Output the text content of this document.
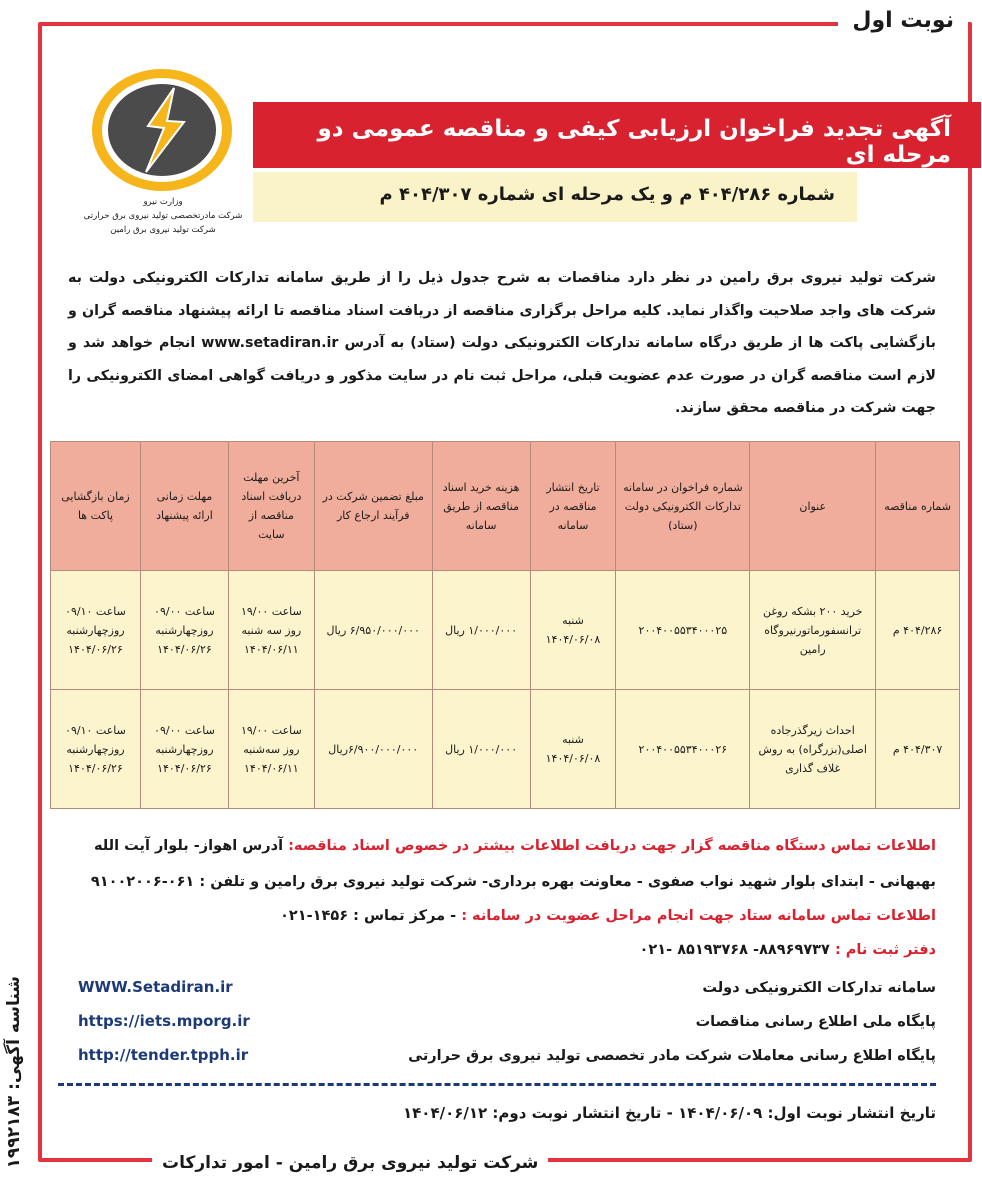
نوبت اول
وزارت نیرو
شرکت مادرتخصصی تولید نیروی برق حرارتی
شرکت تولید نیروی برق رامین
آگهی تجدید فراخوان ارزیابی کیفی و مناقصه عمومی دو مرحله ای
شماره ۴۰۴/۲۸۶ م و یک مرحله ای شماره ۴۰۴/۳۰۷ م
شرکت تولید نیروی برق رامین در نظر دارد مناقصات به شرح جدول ذیل را از طریق سامانه تدارکات الکترونیکی دولت به شرکت های واجد صلاحیت واگذار نماید. کلیه مراحل برگزاری مناقصه از دریافت اسناد مناقصه تا ارائه پیشنهاد مناقصه گران و بازگشایی پاکت ها از طریق درگاه سامانه تدارکات الکترونیکی دولت (ستاد) به آدرس www.setadiran.ir انجام خواهد شد و لازم است مناقصه گران در صورت عدم عضویت قبلی، مراحل ثبت نام در سایت مذکور و دریافت گواهی امضای الکترونیکی را جهت شرکت در مناقصه محقق سازند.
شماره مناقصه	عنوان	شماره فراخوان در سامانه تدارکات الکترونیکی دولت (ستاد)	تاریخ انتشار مناقصه در سامانه	هزینه خرید اسناد مناقصه از طریق سامانه	مبلغ تضمین شرکت در فرآیند ارجاع کار	آخرین مهلت دریافت اسناد مناقصه از سایت	مهلت زمانی ارائه پیشنهاد	زمان بازگشایی پاکت ها
۴۰۴/۲۸۶ م	خرید ۲۰۰ بشکه روغن ترانسفورماتورنیروگاه رامین	۲۰۰۴۰۰۵۵۳۴۰۰۰۲۵	شنبه ۱۴۰۴/۰۶/۰۸	۱/۰۰۰/۰۰۰ ریال	۶/۹۵۰/۰۰۰/۰۰۰ ریال	ساعت ۱۹/۰۰ روز سه شنبه ۱۴۰۴/۰۶/۱۱	ساعت ۰۹/۰۰ روزچهارشنبه ۱۴۰۴/۰۶/۲۶	ساعت ۰۹/۱۰ روزچهارشنبه ۱۴۰۴/۰۶/۲۶
۴۰۴/۳۰۷ م	احداث زیرگذرجاده اصلی(بزرگراه) به روش غلاف گذاری	۲۰۰۴۰۰۵۵۳۴۰۰۰۲۶	شنبه ۱۴۰۴/۰۶/۰۸	۱/۰۰۰/۰۰۰ ریال	۶/۹۰۰/۰۰۰/۰۰۰ریال	ساعت ۱۹/۰۰ روز سه‌شنبه ۱۴۰۴/۰۶/۱۱	ساعت ۰۹/۰۰ روزچهارشنبه ۱۴۰۴/۰۶/۲۶	ساعت ۰۹/۱۰ روزچهارشنبه ۱۴۰۴/۰۶/۲۶
اطلاعات تماس دستگاه مناقصه گزار جهت دریافت اطلاعات بیشتر در خصوص اسناد مناقصه: آدرس اهواز- بلوار آیت الله
بهبهانی - ابتدای بلوار شهید نواب صفوی - معاونت بهره برداری- شرکت تولید نیروی برق رامین و تلفن : ۰۶۱-۹۱۰۰۲۰۰۶
اطلاعات تماس سامانه ستاد جهت انجام مراحل عضویت در سامانه : - مرکز تماس : ۱۴۵۶-۰۲۱
دفتر ثبت نام : ۸۸۹۶۹۷۳۷- ۸۵۱۹۳۷۶۸ -۰۲۱
سامانه تدارکات الکترونیکی دولت
WWW.Setadiran.ir
پایگاه ملی اطلاع رسانی مناقصات
https://iets.mporg.ir
پایگاه اطلاع رسانی معاملات شرکت مادر تخصصی تولید نیروی برق حرارتی
http://tender.tpph.ir
تاریخ انتشار نوبت اول: ۱۴۰۴/۰۶/۰۹ - تاریخ انتشار نوبت دوم: ۱۴۰۴/۰۶/۱۲
شناسه آگهی: ۱۹۹۲۱۸۳
شرکت تولید نیروی برق رامین - امور تدارکات
